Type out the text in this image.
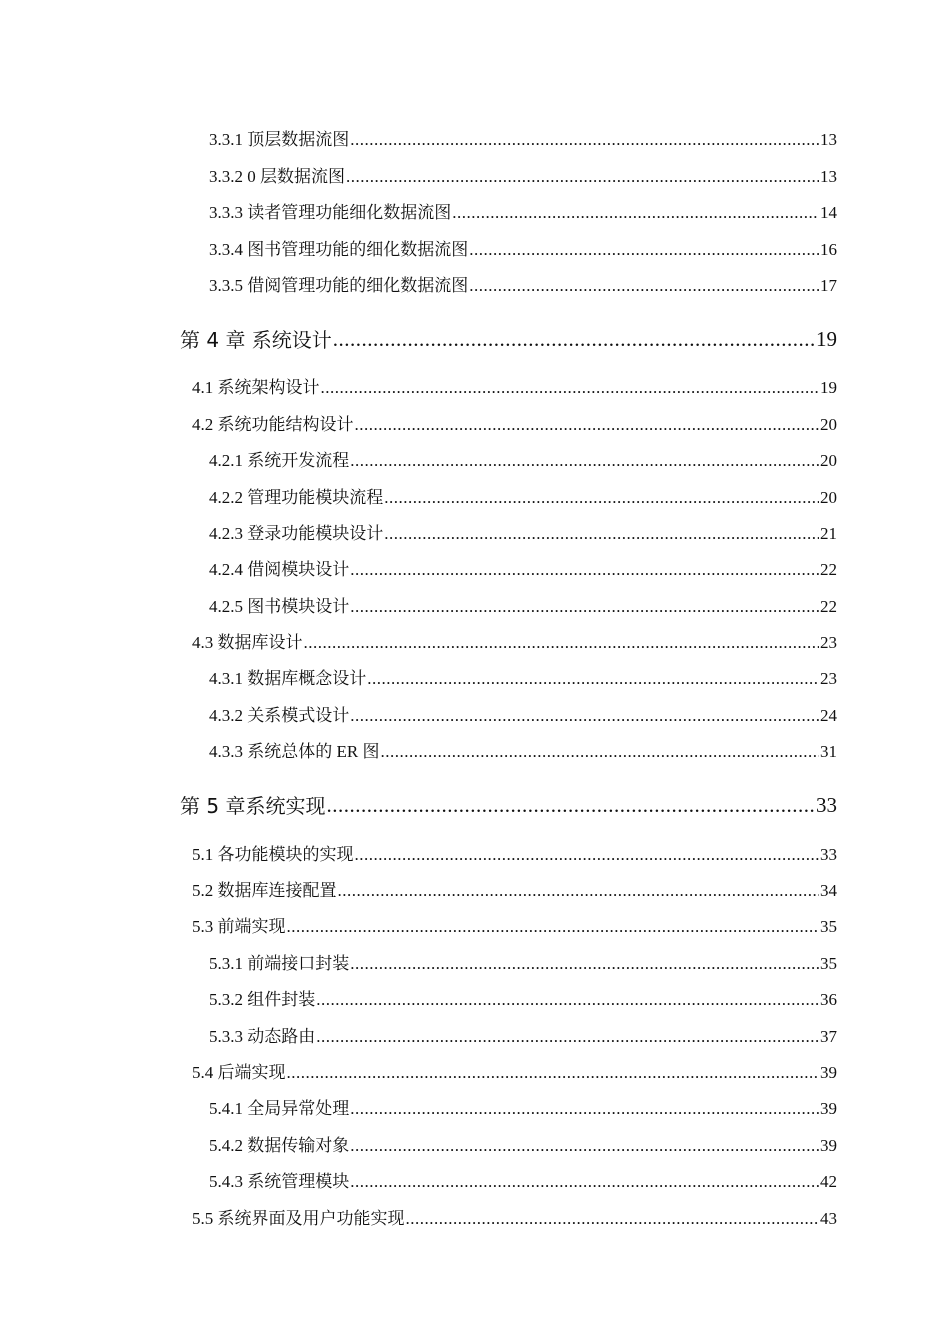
3.3.1 顶层数据流图 .....	13
3.3.2 0 层数据流图 .....	13
3.3.3 读者管理功能细化数据流图 .....	14
3.3.4 图书管理功能的细化数据流图 .....	16
3.3.5 借阅管理功能的细化数据流图 .....	17
第 4 章 系统设计 .....	19
4.1 系统架构设计 .....	19
4.2 系统功能结构设计 .....	20
4.2.1 系统开发流程 .....	20
4.2.2 管理功能模块流程 .....	20
4.2.3 登录功能模块设计 .....	21
4.2.4 借阅模块设计 .....	22
4.2.5 图书模块设计 .....	22
4.3 数据库设计 .....	23
4.3.1 数据库概念设计 .....	23
4.3.2 关系模式设计 .....	24
4.3.3 系统总体的 ER 图 .....	31
第 5 章系统实现 .....	33
5.1 各功能模块的实现 .....	33
5.2 数据库连接配置 .....	34
5.3 前端实现 .....	35
5.3.1 前端接口封装 .....	35
5.3.2 组件封装 .....	36
5.3.3 动态路由 .....	37
5.4 后端实现 .....	39
5.4.1 全局异常处理 .....	39
5.4.2 数据传输对象 .....	39
5.4.3 系统管理模块 .....	42
5.5 系统界面及用户功能实现 .....	43
